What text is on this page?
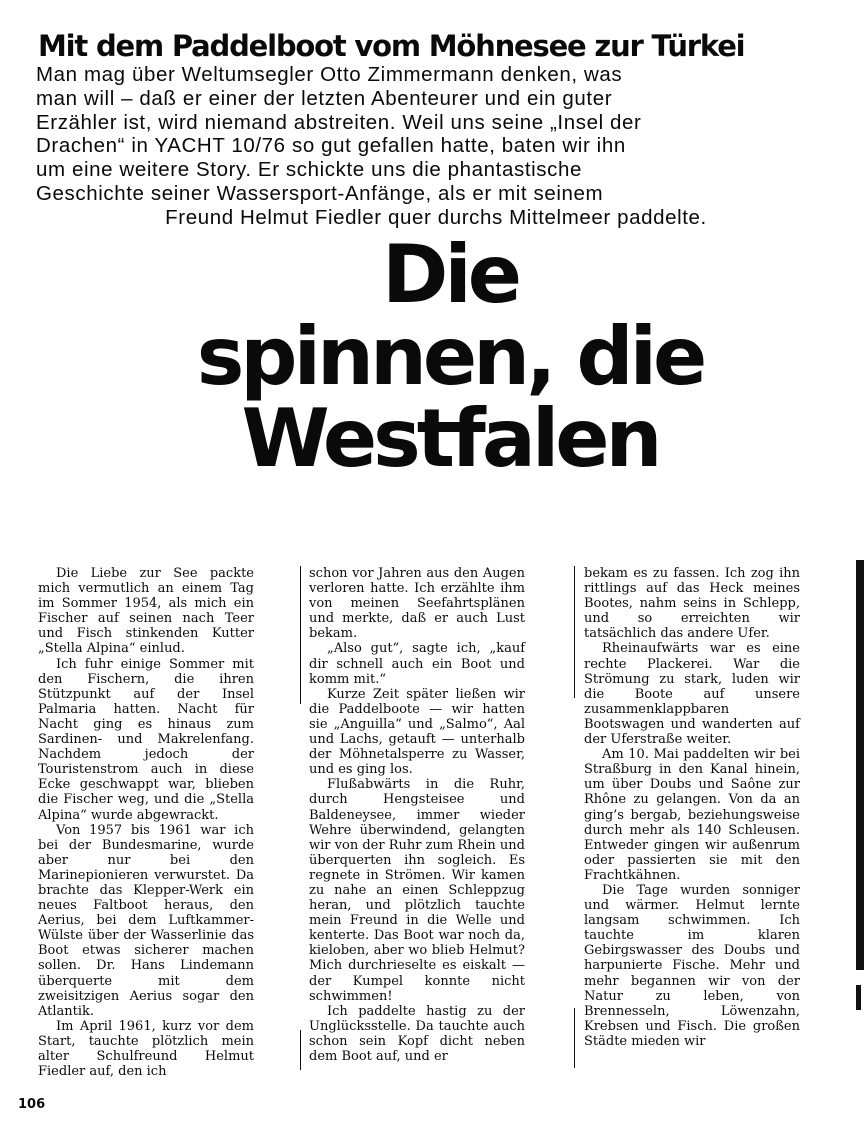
Mit dem Paddelboot vom Möhnesee zur Türkei
Man mag über Weltumsegler Otto Zimmermann denken, was
man will – daß er einer der letzten Abenteurer und ein guter
Erzähler ist, wird niemand abstreiten. Weil uns seine „Insel der
Drachen“ in YACHT 10/76 so gut gefallen hatte, baten wir ihn
um eine weitere Story. Er schickte uns die phantastische
Geschichte seiner Wassersport-Anfänge, als er mit seinem
Freund Helmut Fiedler quer durchs Mittelmeer paddelte.
Die
spinnen, die
Westfalen

Die Liebe zur See packte mich vermutlich an einem Tag im Sommer 1954, als mich ein Fischer auf seinen nach Teer und Fisch stinkenden Kutter „Stella Alpina“ einlud.

Ich fuhr einige Sommer mit den Fischern, die ihren Stützpunkt auf der Insel Palmaria hatten. Nacht für Nacht ging es hinaus zum Sardinen- und Makrelenfang. Nachdem jedoch der Touristenstrom auch in diese Ecke geschwappt war, blieben die Fischer weg, und die „Stella Alpina“ wurde abgewrackt.

Von 1957 bis 1961 war ich bei der Bundesmarine, wurde aber nur bei den Marinepionieren verwurstet. Da brachte das Klepper-Werk ein neues Faltboot heraus, den Aerius, bei dem Luftkammer-Wülste über der Wasserlinie das Boot etwas sicherer machen sollen. Dr. Hans Lindemann überquerte mit dem zweisitzigen Aerius sogar den Atlantik.

Im April 1961, kurz vor dem Start, tauchte plötzlich mein alter Schulfreund Helmut Fiedler auf, den ich

schon vor Jahren aus den Augen verloren hatte. Ich erzählte ihm von meinen Seefahrtsplänen und merkte, daß er auch Lust bekam.

„Also gut“, sagte ich, „kauf dir schnell auch ein Boot und komm mit.“

Kurze Zeit später ließen wir die Paddelboote — wir hatten sie „Anguilla“ und „Salmo“, Aal und Lachs, getauft — unterhalb der Möhnetalsperre zu Wasser, und es ging los.

Flußabwärts in die Ruhr, durch Hengsteisee und Baldeneysee, immer wieder Wehre überwindend, gelangten wir von der Ruhr zum Rhein und überquerten ihn sogleich. Es regnete in Strömen. Wir kamen zu nahe an einen Schleppzug heran, und plötzlich tauchte mein Freund in die Welle und kenterte. Das Boot war noch da, kieloben, aber wo blieb Helmut? Mich durchrieselte es eiskalt — der Kumpel konnte nicht schwimmen!

Ich paddelte hastig zu der Unglücksstelle. Da tauchte auch schon sein Kopf dicht neben dem Boot auf, und er

bekam es zu fassen. Ich zog ihn rittlings auf das Heck meines Bootes, nahm seins in Schlepp, und so erreichten wir tatsächlich das andere Ufer.

Rheinaufwärts war es eine rechte Plackerei. War die Strömung zu stark, luden wir die Boote auf unsere zusammenklappbaren Bootswagen und wanderten auf der Uferstraße weiter.

Am 10. Mai paddelten wir bei Straßburg in den Kanal hinein, um über Doubs und Saône zur Rhône zu gelangen. Von da an ging’s bergab, beziehungsweise durch mehr als 140 Schleusen. Entweder gingen wir außenrum oder passierten sie mit den Frachtkähnen.

Die Tage wurden sonniger und wärmer. Helmut lernte langsam schwimmen. Ich tauchte im klaren Gebirgswasser des Doubs und harpunierte Fische. Mehr und mehr begannen wir von der Natur zu leben, von Brennesseln, Löwenzahn, Krebsen und Fisch. Die großen Städte mieden wir

106
